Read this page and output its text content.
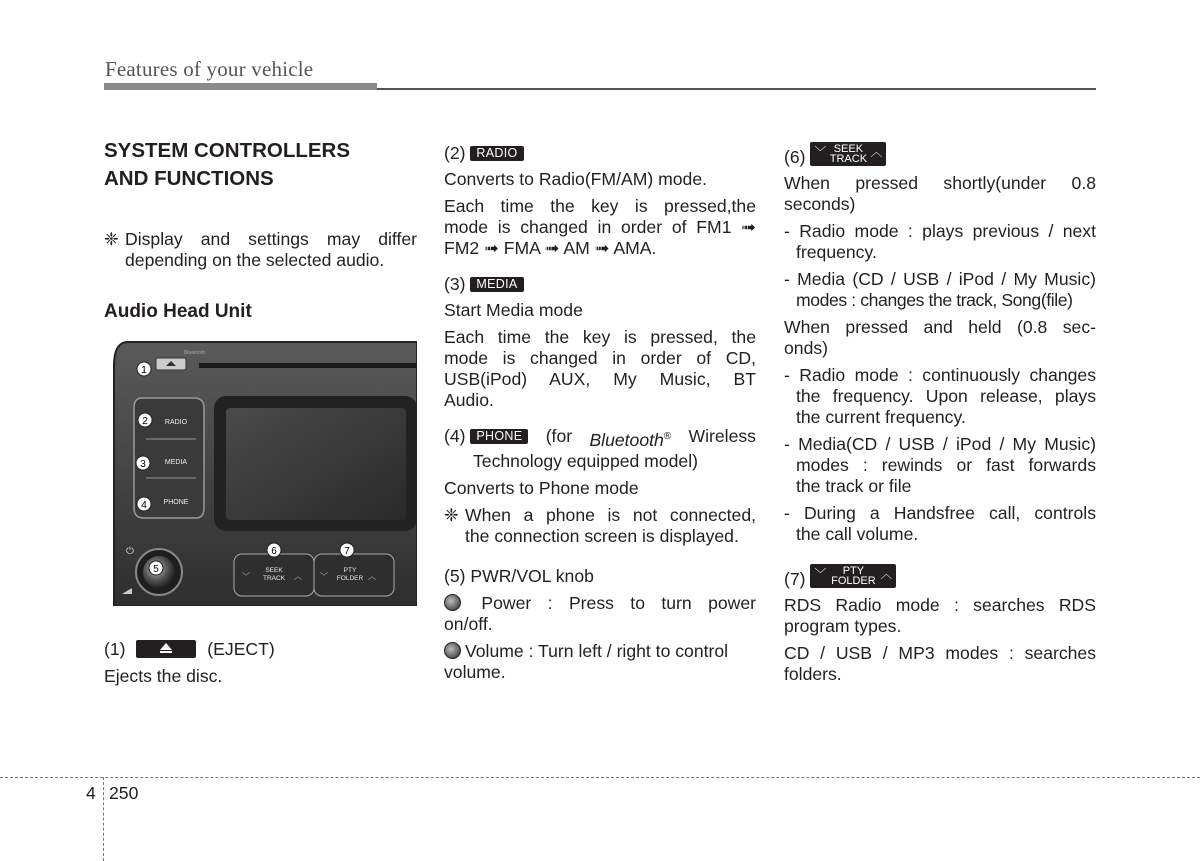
Features of your vehicle
SYSTEM CONTROLLERS
AND FUNCTIONS
❈ Display and settings may differ depending on the selected audio.
Audio Head Unit
Bluetooth
RADIO
MEDIA
PHONE
SEEK
TRACK
PTY
FOLDER
﹀	︿ ﹀	︿
⏻
1
2
3
4
5
6	7

(1)	(EJECT)

Ejects the disc.

(2) RADIO

Converts to Radio(FM/AM) mode.

Each time the key is pressed,the
mode is changed in order of FM1 ➟

FM2 ➟ FMA ➟ AM ➟ AMA.

(3) MEDIA

Start Media mode

Each time the key is pressed, the
mode is changed in order of CD,
USB(iPod) AUX, My Music, BT

Audio.

(4) PHONE	(for Bluetooth® Wireless

Technology equipped model)

Converts to Phone mode

❈ When a phone is not connected,
the connection screen is displayed.

(5) PWR/VOL knob

Power : Press to turn power

on/off.

Volume : Turn left / right to control

volume.

(6) ﹀ SEEK
TRACK ︿

When pressed shortly(under 0.8

seconds)

- Radio mode : plays previous / next

frequency.

- Media (CD / USB / iPod / My Music)

modes : changes the track, Song(file)

When pressed and held (0.8 sec-

onds)

- Radio mode : continuously changes
the frequency. Upon release, plays

the current frequency.

- Media(CD / USB / iPod / My Music)
modes : rewinds or fast forwards

the track or file

- During a Handsfree call, controls

the call volume.

(7) ﹀	PTY
FOLDER ︿

RDS Radio mode : searches RDS

program types.

CD / USB / MP3 modes : searches

folders.

4 250
